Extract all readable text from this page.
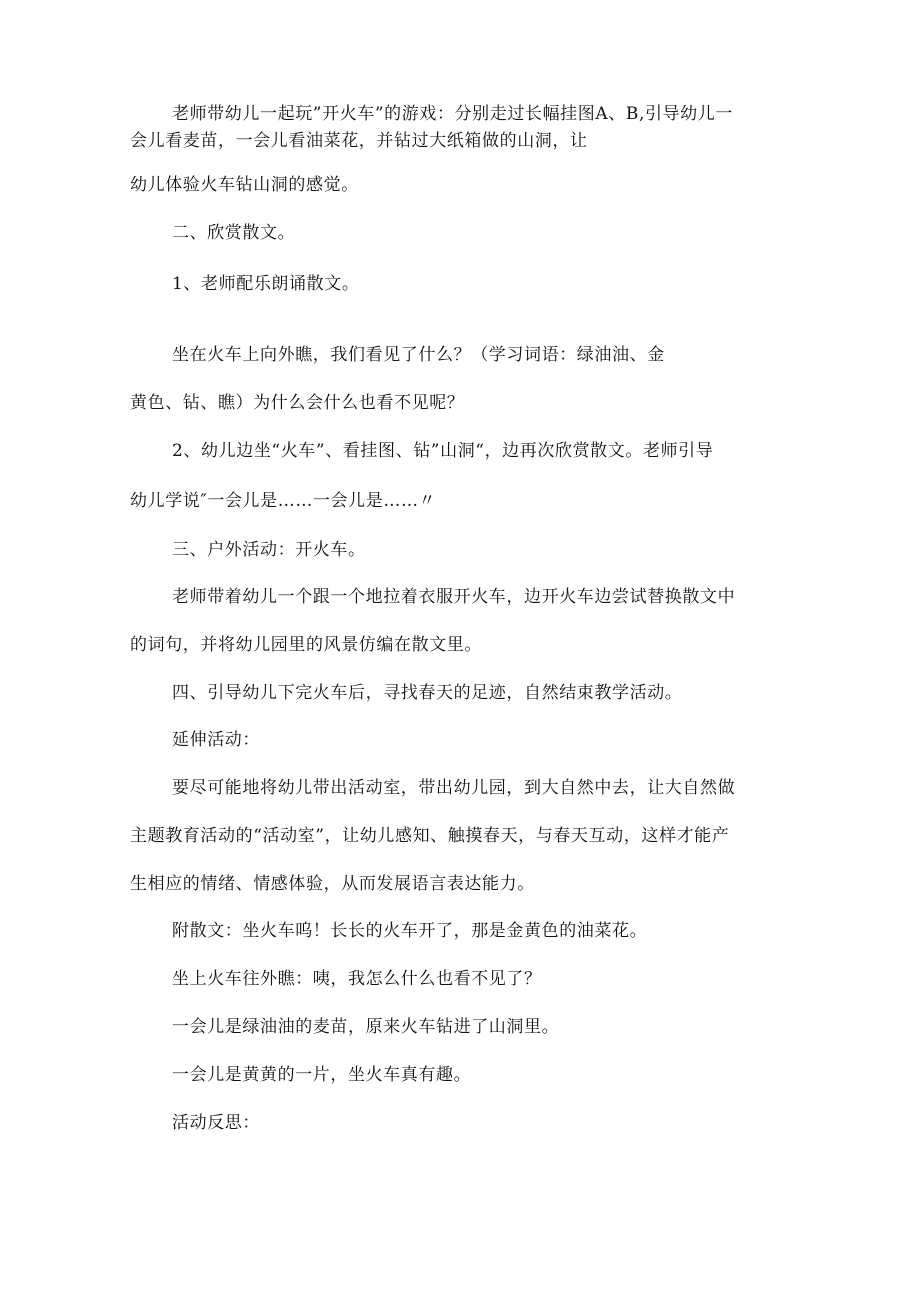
老师带幼儿一起玩”开火车”的游戏：分别走过长幅挂图A、B,引导幼儿一
会儿看麦苗，一会儿看油菜花，并钻过大纸箱做的山洞，让
幼儿体验火车钻山洞的感觉。
二、欣赏散文。
1、老师配乐朗诵散文。
坐在火车上向外瞧，我们看见了什么？（学习词语：绿油油、金
黄色、钻、瞧）为什么会什么也看不见呢？
2、幼儿边坐“火车”、看挂图、钻”山洞“，边再次欣赏散文。老师引导
幼儿学说″一会儿是……一会儿是……〃
三、户外活动：开火车。
老师带着幼儿一个跟一个地拉着衣服开火车，边开火车边尝试替换散文中
的词句，并将幼儿园里的风景仿编在散文里。
四、引导幼儿下完火车后，寻找春天的足迹，自然结束教学活动。
延伸活动：
要尽可能地将幼儿带出活动室，带出幼儿园，到大自然中去，让大自然做
主题教育活动的“活动室”，让幼儿感知、触摸春天，与春天互动，这样才能产
生相应的情绪、情感体验，从而发展语言表达能力。
附散文：坐火车呜！长长的火车开了，那是金黄色的油菜花。
坐上火车往外瞧：咦，我怎么什么也看不见了？
一会儿是绿油油的麦苗，原来火车钻进了山洞里。
一会儿是黄黄的一片，坐火车真有趣。
活动反思：
